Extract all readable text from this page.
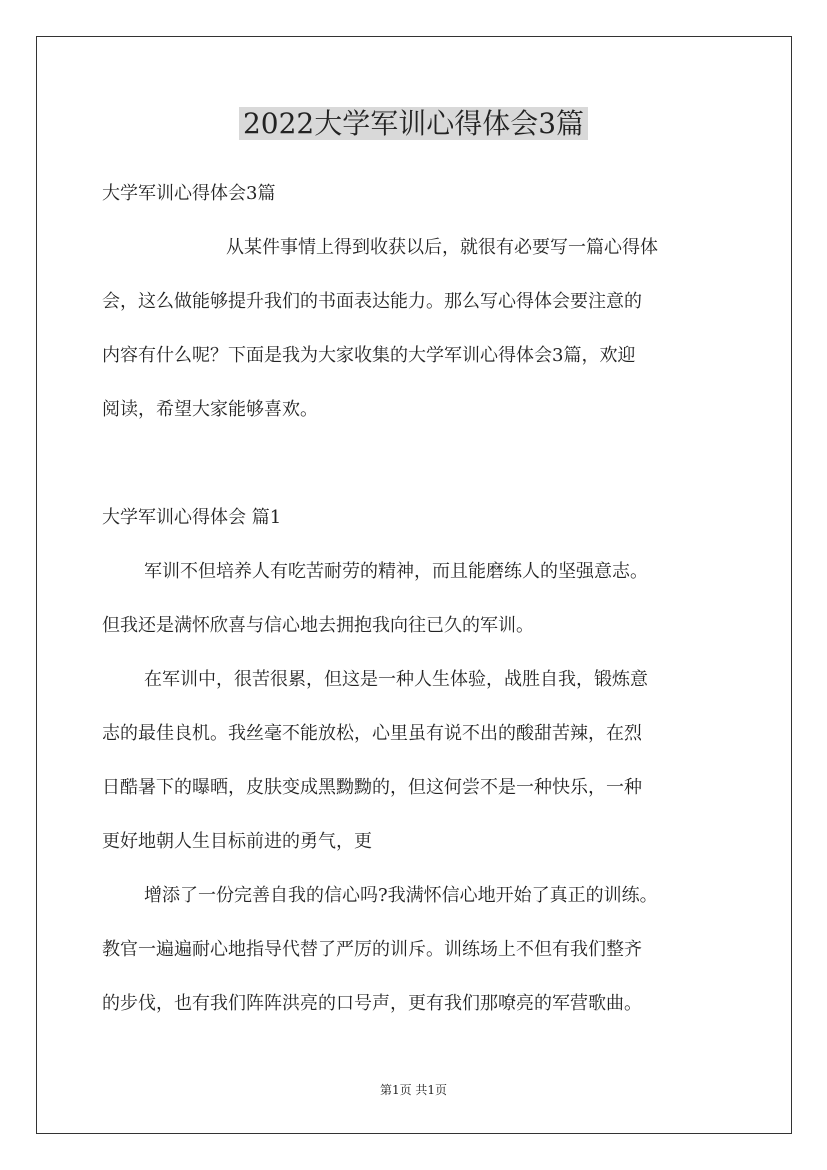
2022大学军训心得体会3篇
大学军训心得体会3篇
从某件事情上得到收获以后，就很有必要写一篇心得体
会，这么做能够提升我们的书面表达能力。那么写心得体会要注意的
内容有什么呢？下面是我为大家收集的大学军训心得体会3篇，欢迎
阅读，希望大家能够喜欢。
大学军训心得体会 篇1
军训不但培养人有吃苦耐劳的精神，而且能磨练人的坚强意志。
但我还是满怀欣喜与信心地去拥抱我向往已久的军训。
在军训中，很苦很累，但这是一种人生体验，战胜自我，锻炼意
志的最佳良机。我丝毫不能放松，心里虽有说不出的酸甜苦辣，在烈
日酷暑下的曝晒，皮肤变成黑黝黝的，但这何尝不是一种快乐，一种
更好地朝人生目标前进的勇气，更
增添了一份完善自我的信心吗?我满怀信心地开始了真正的训练。
教官一遍遍耐心地指导代替了严厉的训斥。训练场上不但有我们整齐
的步伐，也有我们阵阵洪亮的口号声，更有我们那嘹亮的军营歌曲。
第1页 共1页
